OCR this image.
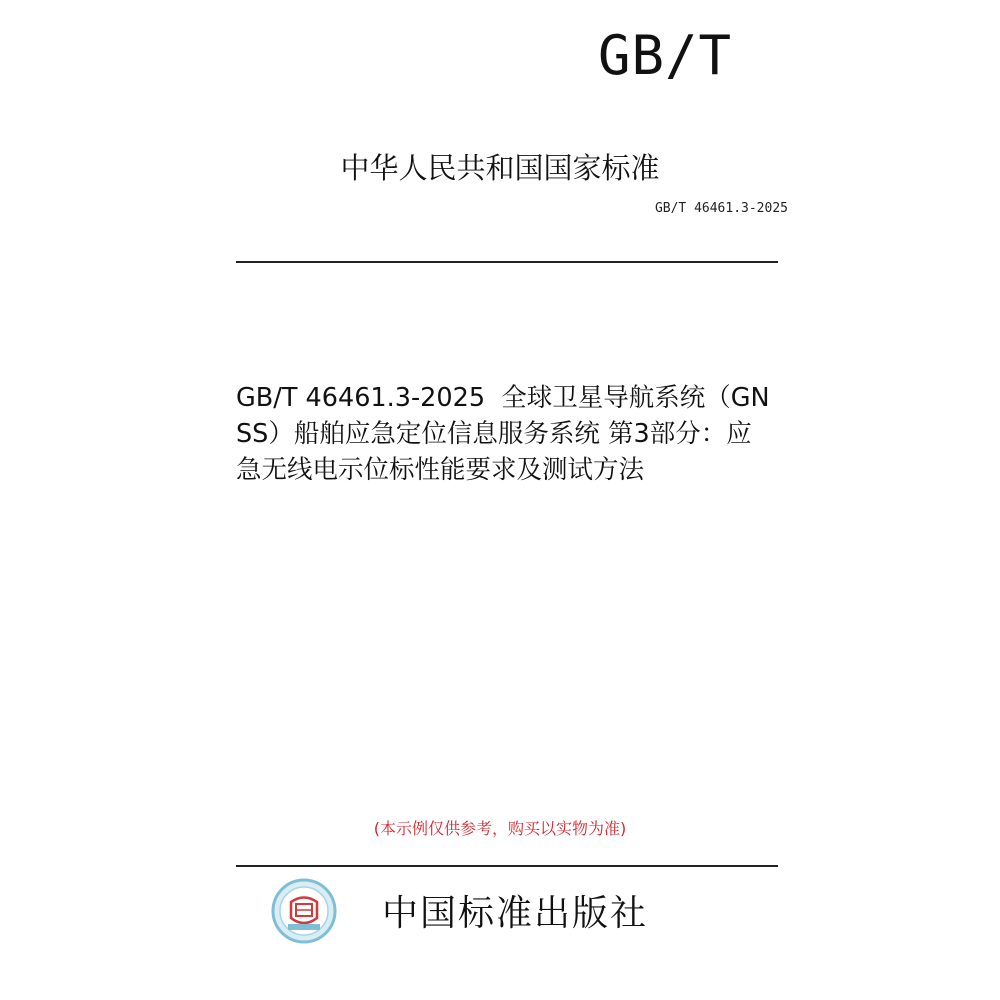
GB/T
中华人民共和国国家标准
GB/T 46461.3-2025
GB/T 46461.3-2025  全球卫星导航系统（GNSS）船舶应急定位信息服务系统 第3部分：应急无线电示位标性能要求及测试方法
(本示例仅供参考，购买以实物为准)
中国标准出版社
